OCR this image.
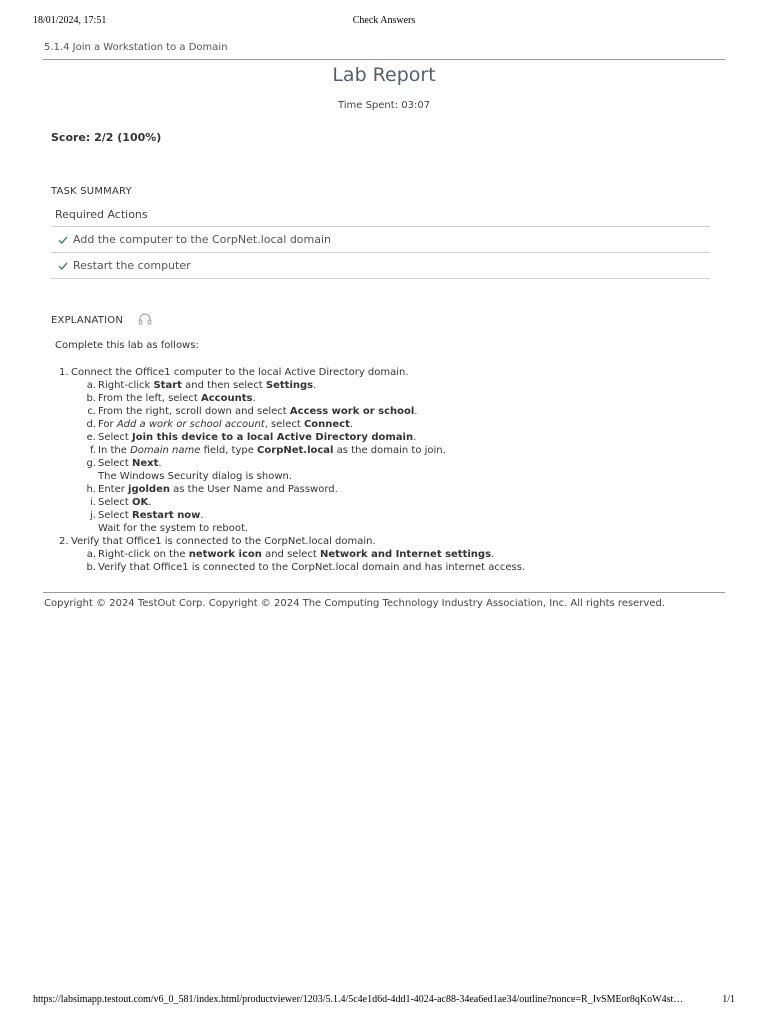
18/01/2024, 17:51	Check Answers
5.1.4 Join a Workstation to a Domain
Lab Report
Time Spent: 03:07
Score: 2/2 (100%)
TASK SUMMARY
Required Actions
Add the computer to the CorpNet.local domain
Restart the computer
EXPLANATION
Complete this lab as follows:
1. Connect the Office1 computer to the local Active Directory domain.
a. Right-click Start and then select Settings.
b. From the left, select Accounts.
c. From the right, scroll down and select Access work or school.
d. For Add a work or school account, select Connect.
e. Select Join this device to a local Active Directory domain.
f. In the Domain name field, type CorpNet.local as the domain to join.
g. Select Next.
The Windows Security dialog is shown.
h. Enter jgolden as the User Name and Password.
i. Select OK.
j. Select Restart now.
Wait for the system to reboot.
2. Verify that Office1 is connected to the CorpNet.local domain.
a. Right-click on the network icon and select Network and Internet settings.
b. Verify that Office1 is connected to the CorpNet.local domain and has internet access.
Copyright © 2024 TestOut Corp. Copyright © 2024 The Computing Technology Industry Association, Inc. All rights reserved.
https://labsimapp.testout.com/v6_0_581/index.html/productviewer/1203/5.1.4/5c4e1d6d-4dd1-4024-ac88-34ea6ed1ae34/outline?nonce=R_IvSMEor8qKoW4st…	1/1
